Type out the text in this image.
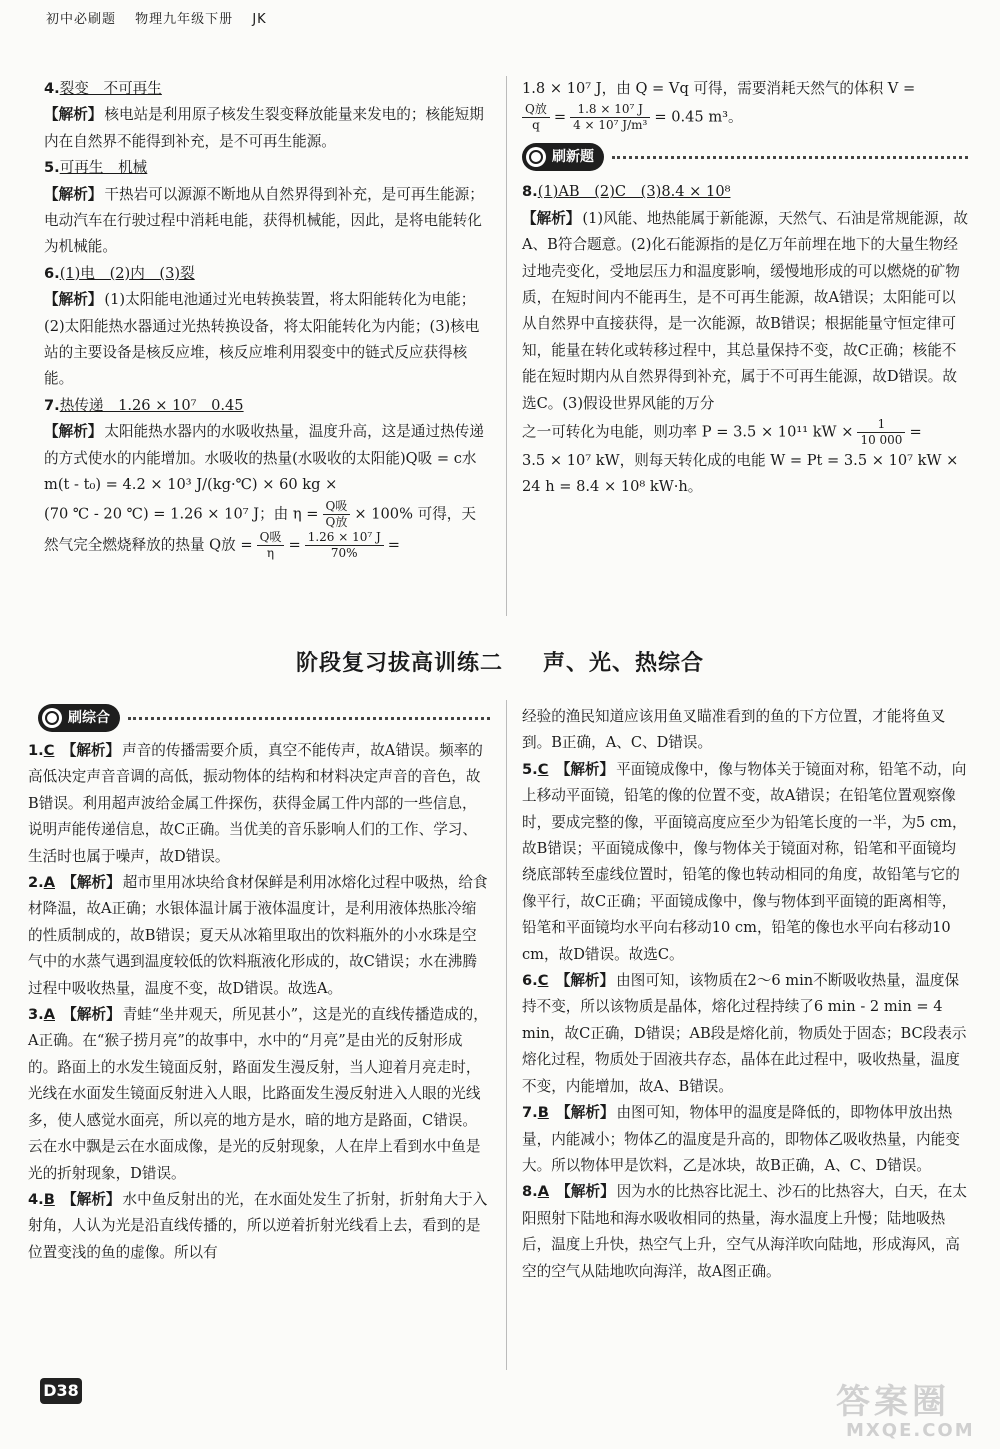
初中必刷题 物理九年级下册 JK
4.裂变　不可再生
【解析】 核电站是利用原子核发生裂变释放能量来发电的；核能短期内在自然界不能得到补充，是不可再生能源。
5.可再生　机械
【解析】 干热岩可以源源不断地从自然界得到补充，是可再生能源；电动汽车在行驶过程中消耗电能，获得机械能，因此，是将电能转化为机械能。
6.(1)电　(2)内　(3)裂
【解析】 (1)太阳能电池通过光电转换装置，将太阳能转化为电能；(2)太阳能热水器通过光热转换设备，将太阳能转化为内能；(3)核电站的主要设备是核反应堆，核反应堆利用裂变中的链式反应获得核能。
7.热传递　1.26 × 10⁷　0.45
【解析】 太阳能热水器内的水吸收热量，温度升高，这是通过热传递的方式使水的内能增加。水吸收的热量(水吸收的太阳能)Q吸 = c水m(t - t₀) = 4.2 × 10³ J/(kg·℃) × 60 kg ×
(70 ℃ - 20 ℃) = 1.26 × 10⁷ J；由 $\eta = \frac{\text{Q吸}}{\text{Q放}} \times 100\%$ 可得，天
然气完全燃烧释放的热量 Q放 = $\frac{\text{Q吸}}{\eta} = \frac{\text{1.26 × 10⁷ J}}{70\%}$ =
1.8 × 10⁷ J，由 Q = Vq 可得，需要消耗天然气的体积 V =

$\frac{\text{Q放}}{q} = \frac{\text{1.8 × 10⁷ J}}{\text{4 × 10⁷ J/m³}} = 0.45$ m³。
刷新题
8.(1)AB　(2)C　(3)8.4 × 10⁸
【解析】 (1)风能、地热能属于新能源，天然气、石油是常规能源，故A、B符合题意。(2)化石能源指的是亿万年前埋在地下的大量生物经过地壳变化，受地层压力和温度影响，缓慢地形成的可以燃烧的矿物质，在短时间内不能再生，是不可再生能源，故A错误；太阳能可以从自然界中直接获得，是一次能源，故B错误；根据能量守恒定律可知，能量在转化或转移过程中，其总量保持不变，故C正确；核能不能在短时期内从自然界得到补充，属于不可再生能源，故D错误。故选C。(3)假设世界风能的万分
之一可转化为电能，则功率 P = 3.5 × 10¹¹ kW × $\frac{1}{10 000}$ =
3.5 × 10⁷ kW，则每天转化成的电能 W = Pt = 3.5 × 10⁷ kW × 24 h = 8.4 × 10⁸ kW·h。
阶段复习拔高训练二 声、光、热综合
刷综合
1.C　 【解析】 声音的传播需要介质，真空不能传声，故A错误。频率的高低决定声音音调的高低，振动物体的结构和材料决定声音的音色，故B错误。利用超声波给金属工件探伤，获得金属工件内部的一些信息，说明声能传递信息，故C正确。当优美的音乐影响人们的工作、学习、生活时也属于噪声，故D错误。
2.A　 【解析】 超市里用冰块给食材保鲜是利用冰熔化过程中吸热，给食材降温，故A正确；水银体温计属于液体温度计，是利用液体热胀冷缩的性质制成的，故B错误；夏天从冰箱里取出的饮料瓶外的小水珠是空气中的水蒸气遇到温度较低的饮料瓶液化形成的，故C错误；水在沸腾过程中吸收热量，温度不变，故D错误。故选A。
3.A　 【解析】 青蛙“坐井观天，所见甚小”，这是光的直线传播造成的，A正确。在“猴子捞月亮”的故事中，水中的“月亮”是由光的反射形成的。路面上的水发生镜面反射，路面发生漫反射，当人迎着月亮走时，光线在水面发生镜面反射进入人眼，比路面发生漫反射进入人眼的光线多，使人感觉水面亮，所以亮的地方是水，暗的地方是路面，C错误。云在水中飘是云在水面成像，是光的反射现象，人在岸上看到水中鱼是光的折射现象，D错误。
4.B　 【解析】 水中鱼反射出的光，在水面处发生了折射，折射角大于入射角，人认为光是沿直线传播的，所以逆着折射光线看上去，看到的是位置变浅的鱼的虚像。所以有
经验的渔民知道应该用鱼叉瞄准看到的鱼的下方位置，才能将鱼叉到。B正确，A、C、D错误。
5.C　 【解析】 平面镜成像中，像与物体关于镜面对称，铅笔不动，向上移动平面镜，铅笔的像的位置不变，故A错误；在铅笔位置观察像时，要成完整的像，平面镜高度应至少为铅笔长度的一半，为5 cm，故B错误；平面镜成像中，像与物体关于镜面对称，铅笔和平面镜均绕底部转至虚线位置时，铅笔的像也转动相同的角度，故铅笔与它的像平行，故C正确；平面镜成像中，像与物体到平面镜的距离相等，铅笔和平面镜均水平向右移动10 cm，铅笔的像也水平向右移动10 cm，故D错误。故选C。
6.C　 【解析】 由图可知，该物质在2～6 min不断吸收热量，温度保持不变，所以该物质是晶体，熔化过程持续了6 min - 2 min = 4 min，故C正确，D错误；AB段是熔化前，物质处于固态；BC段表示熔化过程，物质处于固液共存态，晶体在此过程中，吸收热量，温度不变，内能增加，故A、B错误。
7.B　 【解析】 由图可知，物体甲的温度是降低的，即物体甲放出热量，内能减小；物体乙的温度是升高的，即物体乙吸收热量，内能变大。所以物体甲是饮料，乙是冰块，故B正确，A、C、D错误。
8.A　 【解析】 因为水的比热容比泥土、沙石的比热容大，白天，在太阳照射下陆地和海水吸收相同的热量，海水温度上升慢；陆地吸热后，温度上升快，热空气上升，空气从海洋吹向陆地，形成海风，高空的空气从陆地吹向海洋，故A图正确。
D38	答案圈
MXQE.COM
